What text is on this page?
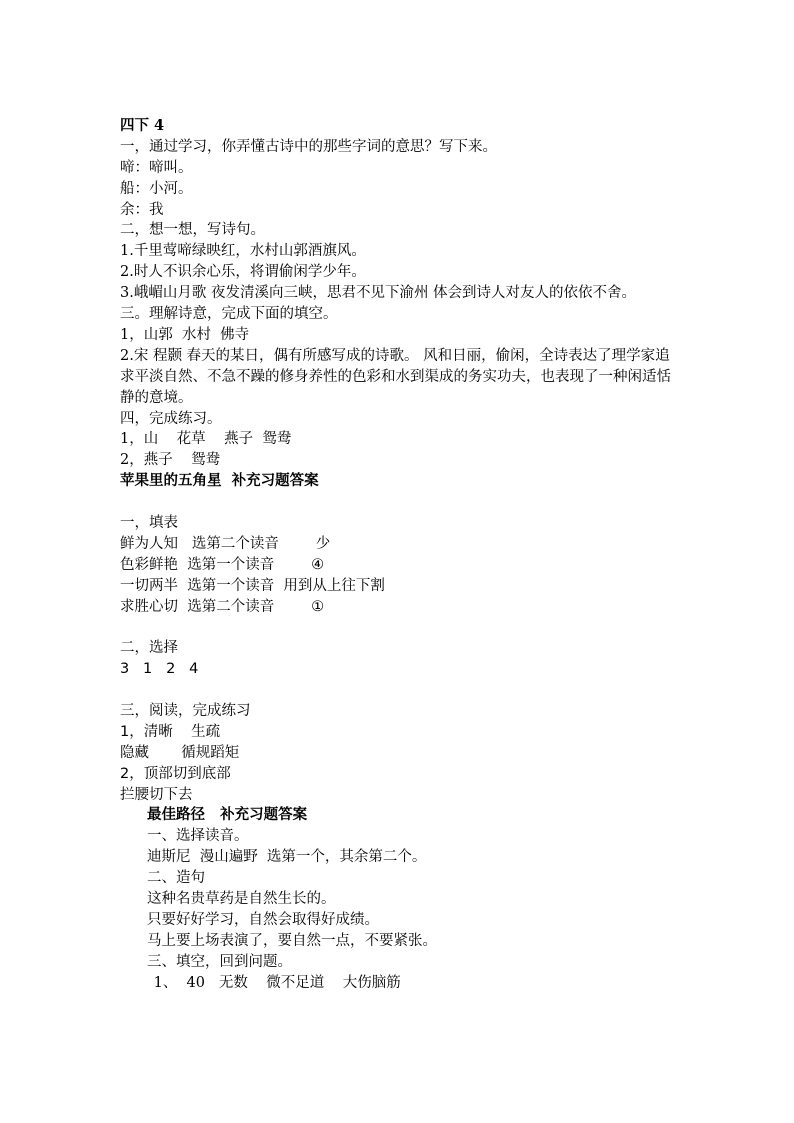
四下 4
一，通过学习，你弄懂古诗中的那些字词的意思？写下来。
啼：啼叫。
船：小河。
余：我
二，想一想，写诗句。
1.千里莺啼绿映红，水村山郭酒旗风。
2.时人不识余心乐，将谓偷闲学少年。
3.峨嵋山月歌 夜发清溪向三峡，思君不见下渝州 体会到诗人对友人的依依不舍。
三。理解诗意，完成下面的填空。
1，山郭  水村  佛寺
2.宋 程颢 春天的某日，偶有所感写成的诗歌。 风和日丽，偷闲，全诗表达了理学家追求平淡自然、不急不躁的修身养性的色彩和水到渠成的务实功夫，也表现了一种闲适恬静的意境。
四，完成练习。
1，山    花草    燕子  鸳鸯
2，燕子    鸳鸯
苹果里的五角星  补充习题答案
一，填表
鲜为人知   选第二个读音        少
色彩鲜艳  选第一个读音        ④
一切两半  选第一个读音  用到从上往下割
求胜心切  选第二个读音        ①
二，选择
3   1   2   4
三，阅读，完成练习
1，清晰    生疏
隐藏       循规蹈矩
2，顶部切到底部
拦腰切下去
最佳路径   补充习题答案
一、选择读音。
迪斯尼  漫山遍野  选第一个，其余第二个。
二、造句
这种名贵草药是自然生长的。
只要好好学习，自然会取得好成绩。
马上要上场表演了，要自然一点，不要紧张。
三、填空，回到问题。
1、  40   无数    微不足道    大伤脑筋
